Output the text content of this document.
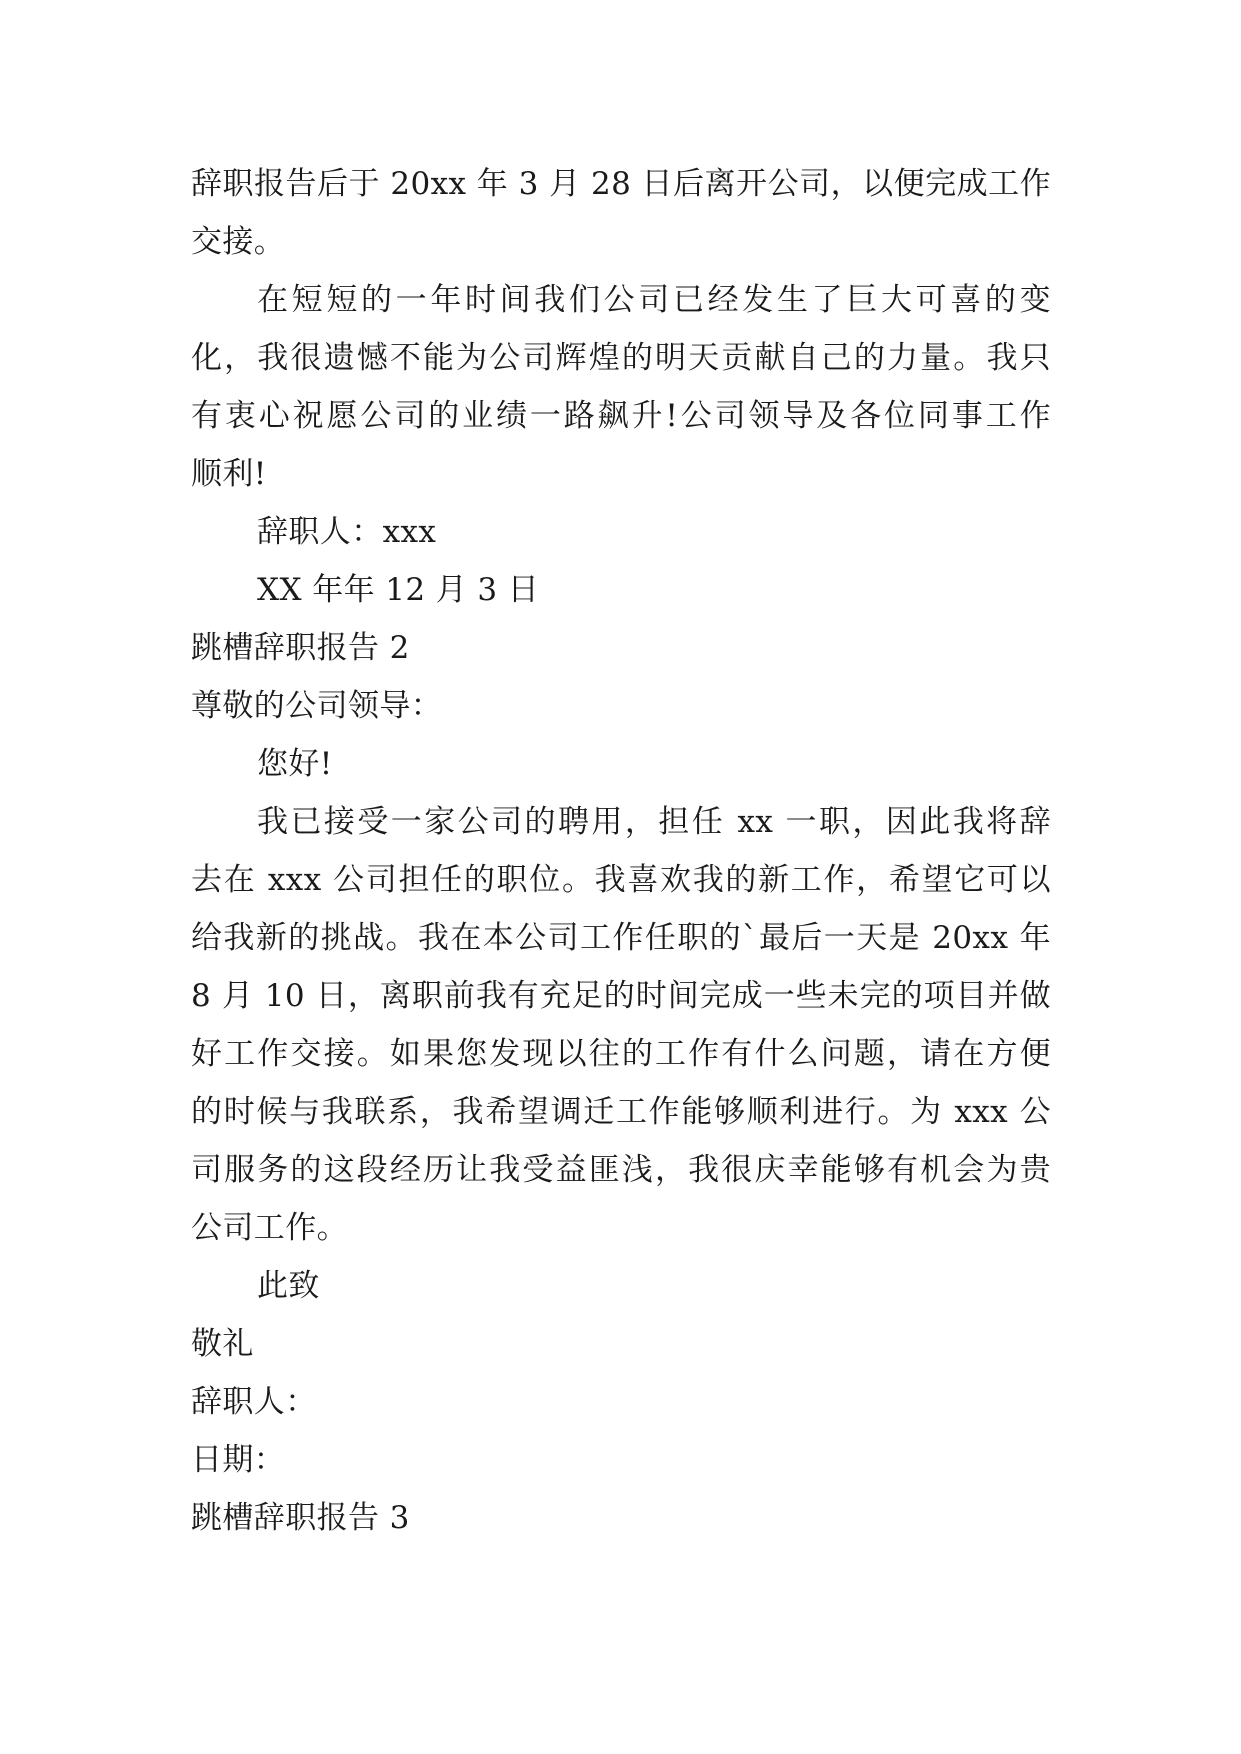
辞职报告后于 20xx 年 3 月 28 日后离开公司，以便完成工作
交接。
在短短的一年时间我们公司已经发生了巨大可喜的变
化，我很遗憾不能为公司辉煌的明天贡献自己的力量。我只
有衷心祝愿公司的业绩一路飙升!公司领导及各位同事工作
顺利!
辞职人：xxx
XX 年年 12 月 3 日
跳槽辞职报告 2
尊敬的公司领导：
您好!
我已接受一家公司的聘用，担任 xx 一职，因此我将辞
去在 xxx 公司担任的职位。我喜欢我的新工作，希望它可以
给我新的挑战。我在本公司工作任职的`最后一天是 20xx 年
8 月 10 日，离职前我有充足的时间完成一些未完的项目并做
好工作交接。如果您发现以往的工作有什么问题，请在方便
的时候与我联系，我希望调迁工作能够顺利进行。为 xxx 公
司服务的这段经历让我受益匪浅，我很庆幸能够有机会为贵
公司工作。
此致
敬礼
辞职人：
日期：
跳槽辞职报告 3
